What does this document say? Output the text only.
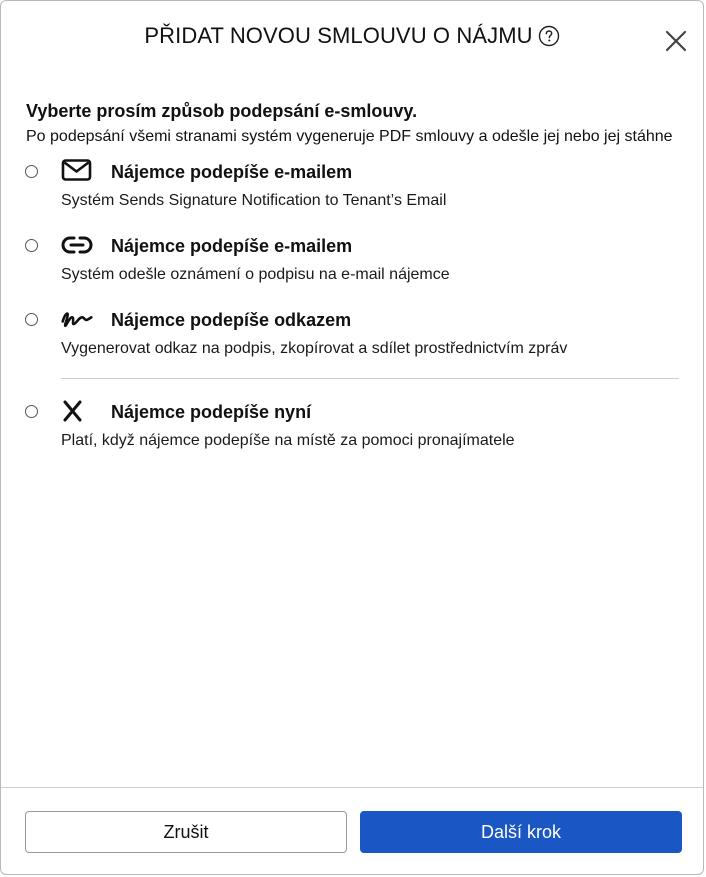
PŘIDAT NOVOU SMLOUVU O NÁJMU

Vyberte prosím způsob podepsání e-smlouvy.

Po podepsání všemi stranami systém vygeneruje PDF smlouvy a odešle jej nebo jej stáhne

Nájemce podepíše e-mailem
Systém Sends Signature Notification to Tenant’s Email
Nájemce podepíše e-mailem
Systém odešle oznámení o podpisu na e-mail nájemce
Nájemce podepíše odkazem
Vygenerovat odkaz na podpis, zkopírovat a sdílet prostřednictvím zpráv
Nájemce podepíše nyní
Platí, když nájemce podepíše na místě za pomoci pronajímatele
Zrušit	Další krok
